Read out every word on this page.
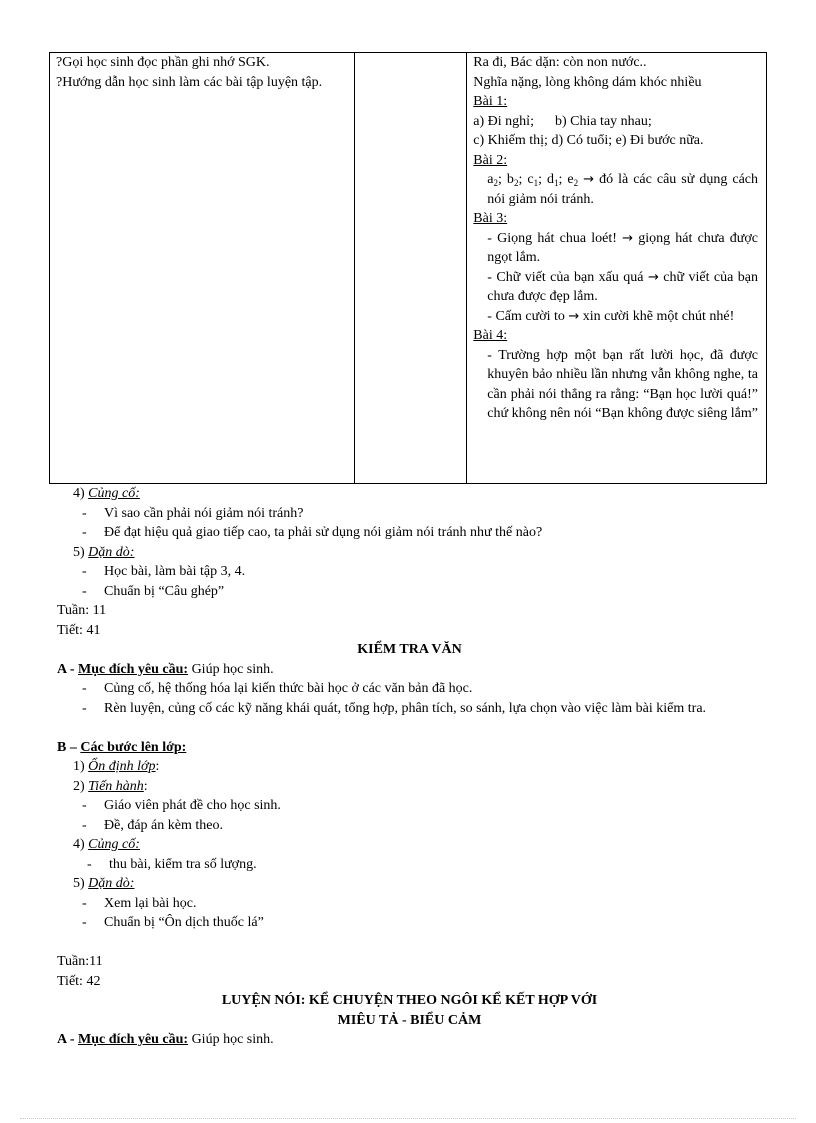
?Gọi học sinh đọc phần ghi nhớ SGK.
?Hướng dẫn học sinh làm các bài tập luyện tập.

Ra đi, Bác dặn: còn non nước..
Nghĩa nặng, lòng không dám khóc nhiều
Bài 1:
a) Đi nghỉ; b) Chia tay nhau;
c) Khiếm thị; d) Có tuổi; e) Đi bước nữa.
Bài 2:
$a_2$; $b_2$; $c_1$; $d_1$; $e_2$ → đó là các câu sử dụng cách nói giảm nói tránh.
Bài 3:
- Giọng hát chua loét! → giọng hát chưa được ngọt lắm.
- Chữ viết của bạn xấu quá → chữ viết của bạn chưa được đẹp lắm.
- Cấm cười to → xin cười khẽ một chút nhé!
Bài 4:
- Trường hợp một bạn rất lười học, đã được khuyên bảo nhiều lần nhưng vẫn không nghe, ta cần phải nói thẳng ra rằng: “Bạn học lười quá!” chứ không nên nói “Bạn không được siêng lắm”
4) Củng cố:
- Vì sao cần phải nói giảm nói tránh?
- Để đạt hiệu quả giao tiếp cao, ta phải sử dụng nói giảm nói tránh như thế nào?
5) Dặn dò:
- Học bài, làm bài tập 3, 4.
- Chuẩn bị “Câu ghép”
Tuần: 11
Tiết: 41
KIỂM TRA VĂN
A - Mục đích yêu cầu: Giúp học sinh.
- Củng cố, hệ thống hóa lại kiến thức bài học ở các văn bản đã học.
- Rèn luyện, củng cố các kỹ năng khái quát, tổng hợp, phân tích, so sánh, lựa chọn vào việc làm bài kiểm tra.
B – Các bước lên lớp:
1) Ổn định lớp:
2) Tiến hành:
- Giáo viên phát đề cho học sinh.
- Đề, đáp án kèm theo.
4) Củng cố:
- thu bài, kiểm tra số lượng.
5) Dặn dò:
- Xem lại bài học.
- Chuẩn bị “Ôn dịch thuốc lá”
Tuần:11
Tiết: 42
LUYỆN NÓI: KỂ CHUYỆN THEO NGÔI KỂ KẾT HỢP VỚI
MIÊU TẢ - BIỂU CẢM
A - Mục đích yêu cầu: Giúp học sinh.
